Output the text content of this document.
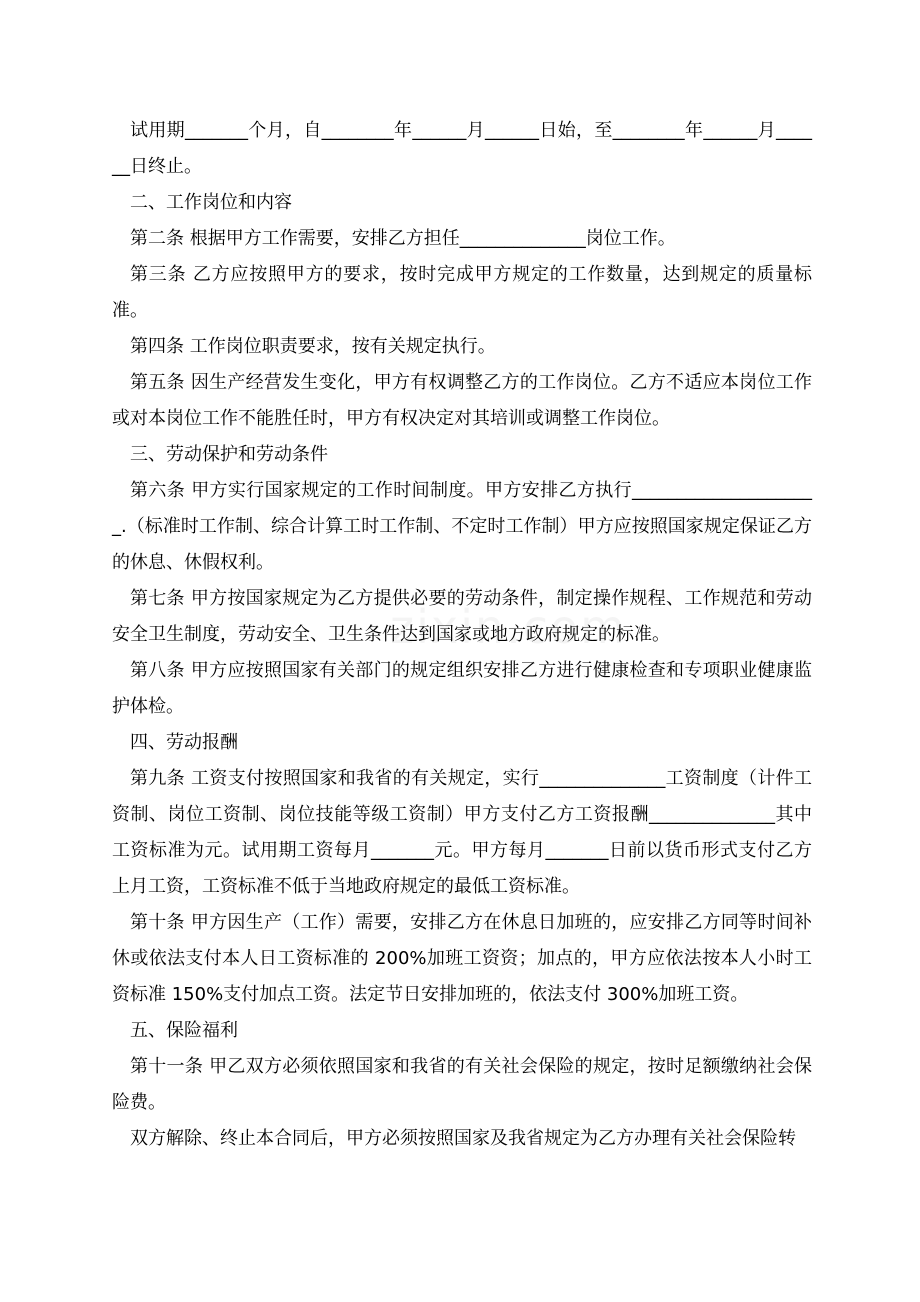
试用期_______个月，自________年______月______日始，至________年______月______日终止。

二、工作岗位和内容

第二条 根据甲方工作需要，安排乙方担任______________岗位工作。

第三条 乙方应按照甲方的要求，按时完成甲方规定的工作数量，达到规定的质量标准。

第四条 工作岗位职责要求，按有关规定执行。

第五条 因生产经营发生变化，甲方有权调整乙方的工作岗位。乙方不适应本岗位工作或对本岗位工作不能胜任时，甲方有权决定对其培训或调整工作岗位。

三、劳动保护和劳动条件

第六条 甲方实行国家规定的工作时间制度。甲方安排乙方执行_____________________.（标准时工作制、综合计算工时工作制、不定时工作制）甲方应按照国家规定保证乙方的休息、休假权利。

第七条 甲方按国家规定为乙方提供必要的劳动条件，制定操作规程、工作规范和劳动安全卫生制度，劳动安全、卫生条件达到国家或地方政府规定的标准。

第八条 甲方应按照国家有关部门的规定组织安排乙方进行健康检查和专项职业健康监护体检。

四、劳动报酬

第九条 工资支付按照国家和我省的有关规定，实行______________工资制度（计件工资制、岗位工资制、岗位技能等级工资制）甲方支付乙方工资报酬______________其中工资标准为元。试用期工资每月_______元。甲方每月_______日前以货币形式支付乙方上月工资，工资标准不低于当地政府规定的最低工资标准。

第十条 甲方因生产（工作）需要，安排乙方在休息日加班的，应安排乙方同等时间补休或依法支付本人日工资标准的 200%加班工资资；加点的，甲方应依法按本人小时工资标准 150%支付加点工资。法定节日安排加班的，依法支付 300%加班工资。

五、保险福利

第十一条 甲乙双方必须依照国家和我省的有关社会保险的规定，按时足额缴纳社会保险费。

双方解除、终止本合同后，甲方必须按照国家及我省规定为乙方办理有关社会保险转
